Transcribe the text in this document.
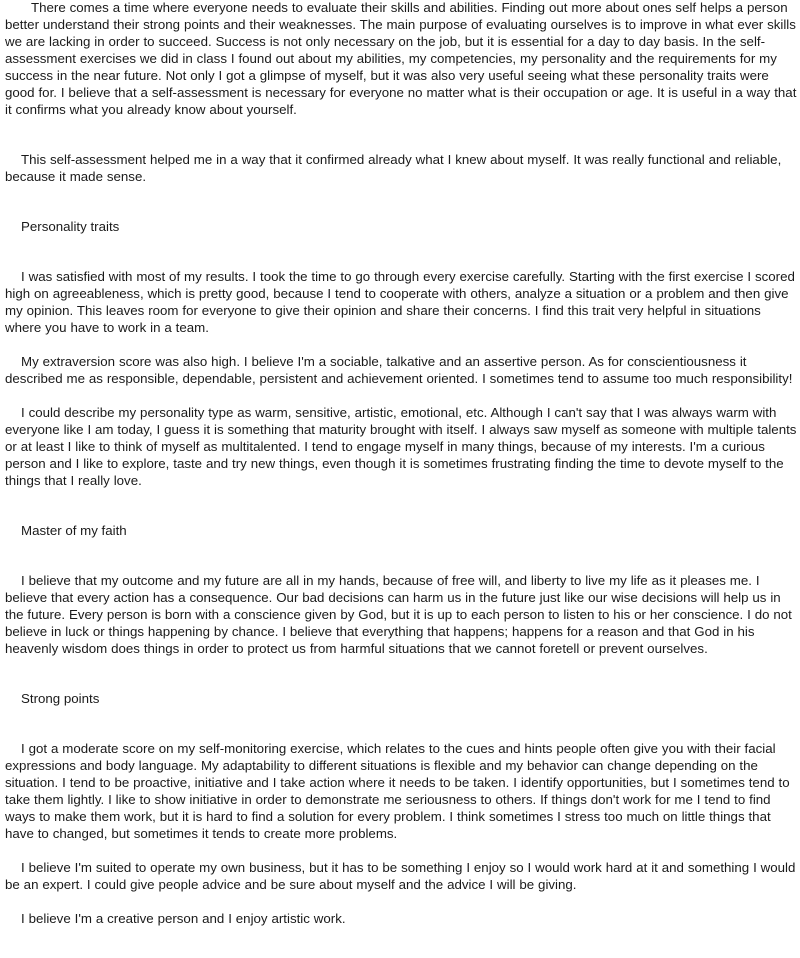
There comes a time where everyone needs to evaluate their skills and abilities. Finding out more about ones self helps a person better understand their strong points and their weaknesses. The main purpose of evaluating ourselves is to improve in what ever skills we are lacking in order to succeed. Success is not only necessary on the job, but it is essential for a day to day basis. In the self-assessment exercises we did in class I found out about my abilities, my competencies, my personality and the requirements for my success in the near future. Not only I got a glimpse of myself, but it was also very useful seeing what these personality traits were good for. I believe that a self-assessment is necessary for everyone no matter what is their occupation or age. It is useful in a way that it confirms what you already know about yourself.

This self-assessment helped me in a way that it confirmed already what I knew about myself. It was really functional and reliable, because it made sense.

Personality traits

I was satisfied with most of my results. I took the time to go through every exercise carefully. Starting with the first exercise I scored high on agreeableness, which is pretty good, because I tend to cooperate with others, analyze a situation or a problem and then give my opinion. This leaves room for everyone to give their opinion and share their concerns. I find this trait very helpful in situations where you have to work in a team.

My extraversion score was also high. I believe I'm a sociable, talkative and an assertive person. As for conscientiousness it described me as responsible, dependable, persistent and achievement oriented. I sometimes tend to assume too much responsibility!

I could describe my personality type as warm, sensitive, artistic, emotional, etc. Although I can't say that I was always warm with everyone like I am today, I guess it is something that maturity brought with itself. I always saw myself as someone with multiple talents or at least I like to think of myself as multitalented. I tend to engage myself in many things, because of my interests. I'm a curious person and I like to explore, taste and try new things, even though it is sometimes frustrating finding the time to devote myself to the things that I really love.

Master of my faith

I believe that my outcome and my future are all in my hands, because of free will, and liberty to live my life as it pleases me. I believe that every action has a consequence. Our bad decisions can harm us in the future just like our wise decisions will help us in the future. Every person is born with a conscience given by God, but it is up to each person to listen to his or her conscience. I do not believe in luck or things happening by chance. I believe that everything that happens; happens for a reason and that God in his heavenly wisdom does things in order to protect us from harmful situations that we cannot foretell or prevent ourselves.

Strong points

I got a moderate score on my self-monitoring exercise, which relates to the cues and hints people often give you with their facial expressions and body language. My adaptability to different situations is flexible and my behavior can change depending on the situation. I tend to be proactive, initiative and I take action where it needs to be taken. I identify opportunities, but I sometimes tend to take them lightly. I like to show initiative in order to demonstrate me seriousness to others. If things don't work for me I tend to find ways to make them work, but it is hard to find a solution for every problem. I think sometimes I stress too much on little things that have to changed, but sometimes it tends to create more problems.

I believe I'm suited to operate my own business, but it has to be something I enjoy so I would work hard at it and something I would be an expert. I could give people advice and be sure about myself and the advice I will be giving.

I believe I'm a creative person and I enjoy artistic work.
